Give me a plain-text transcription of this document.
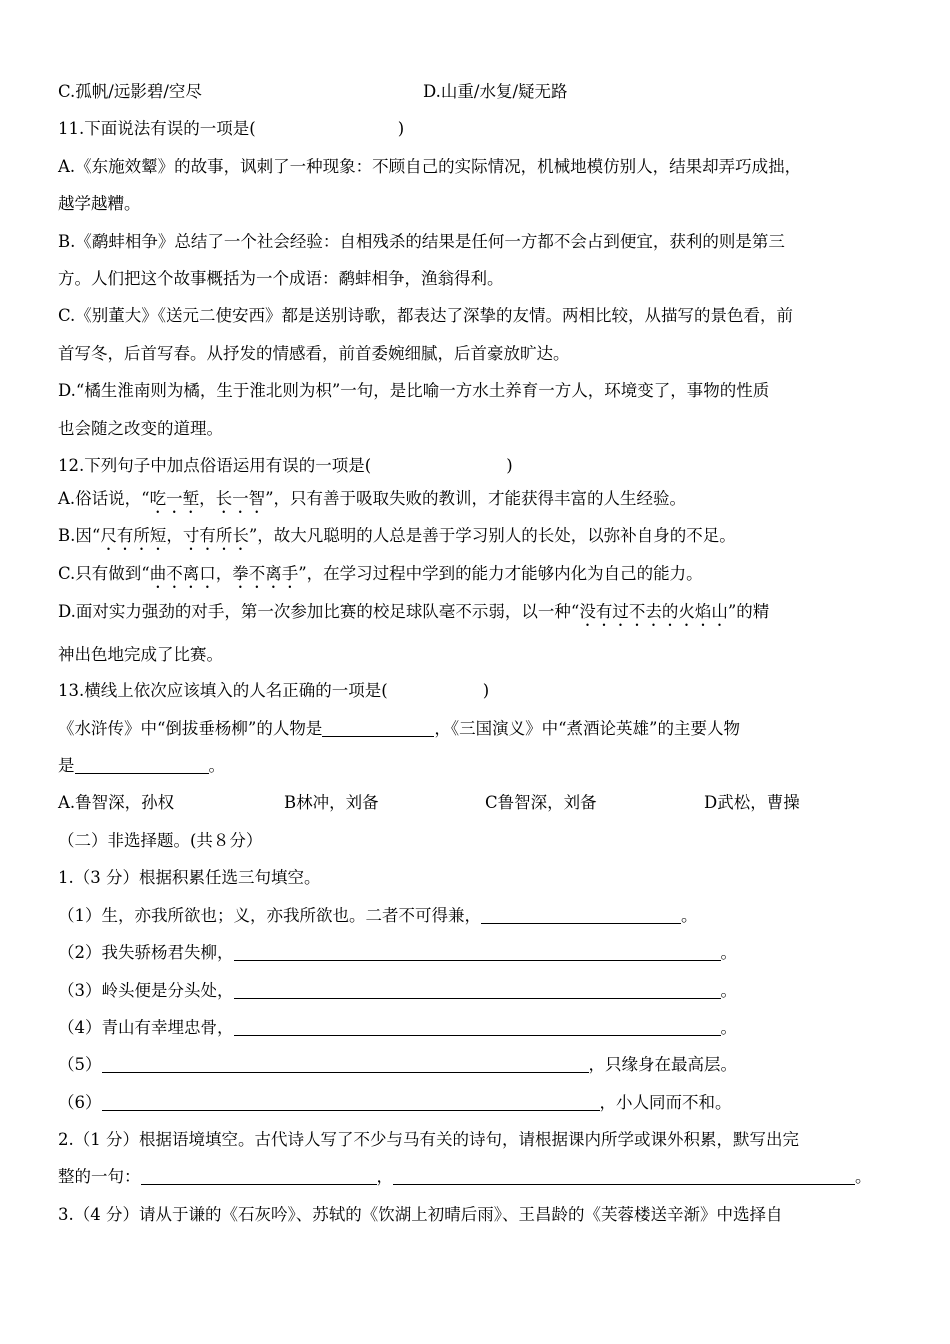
C.孤帆/远影碧/空尽	D.山重/水复/疑无路
11.下面说法有误的一项是(	)
A.《东施效颦》的故事，讽刺了一种现象：不顾自己的实际情况，机械地模仿别人，结果却弄巧成拙，
越学越糟。
B.《鹬蚌相争》总结了一个社会经验：自相残杀的结果是任何一方都不会占到便宜，获利的则是第三
方。人们把这个故事概括为一个成语：鹬蚌相争，渔翁得利。
C.《别董大》《送元二使安西》都是送别诗歌，都表达了深挚的友情。两相比较，从描写的景色看，前
首写冬，后首写春。从抒发的情感看，前首委婉细腻，后首豪放旷达。
D.“橘生淮南则为橘，生于淮北则为枳”一句，是比喻一方水土养育一方人，环境变了，事物的性质
也会随之改变的道理。
12.下列句子中加点俗语运用有误的一项是(	)
A.俗话说，“吃一堑，长一智”，只有善于吸取失败的教训，才能获得丰富的人生经验。
B.因“尺有所短，寸有所长”，故大凡聪明的人总是善于学习别人的长处，以弥补自身的不足。
C.只有做到“曲不离口，拳不离手”，在学习过程中学到的能力才能够内化为自己的能力。
D.面对实力强劲的对手，第一次参加比赛的校足球队毫不示弱，以一种“没有过不去的火焰山”的精
神出色地完成了比赛。
13.横线上依次应该填入的人名正确的一项是(	)
《水浒传》中“倒拔垂杨柳”的人物是	，《三国演义》中“煮酒论英雄”的主要人物
是	。
A.鲁智深，孙权	B林冲，刘备	C鲁智深，刘备	D武松，曹操
（二）非选择题。(共８分）
1.（3 分）根据积累任选三句填空。
（1）生，亦我所欲也；义，亦我所欲也。二者不可得兼，	。
（2）我失骄杨君失柳，	。
（3）岭头便是分头处，	。
（4）青山有幸埋忠骨，	。
（5）	，只缘身在最高层。
（6）	，小人同而不和。
2.（1 分）根据语境填空。古代诗人写了不少与马有关的诗句，请根据课内所学或课外积累，默写出完
整的一句：	，	。
3.（4 分）请从于谦的《石灰吟》、苏轼的《饮湖上初晴后雨》、王昌龄的《芙蓉楼送辛渐》中选择自
